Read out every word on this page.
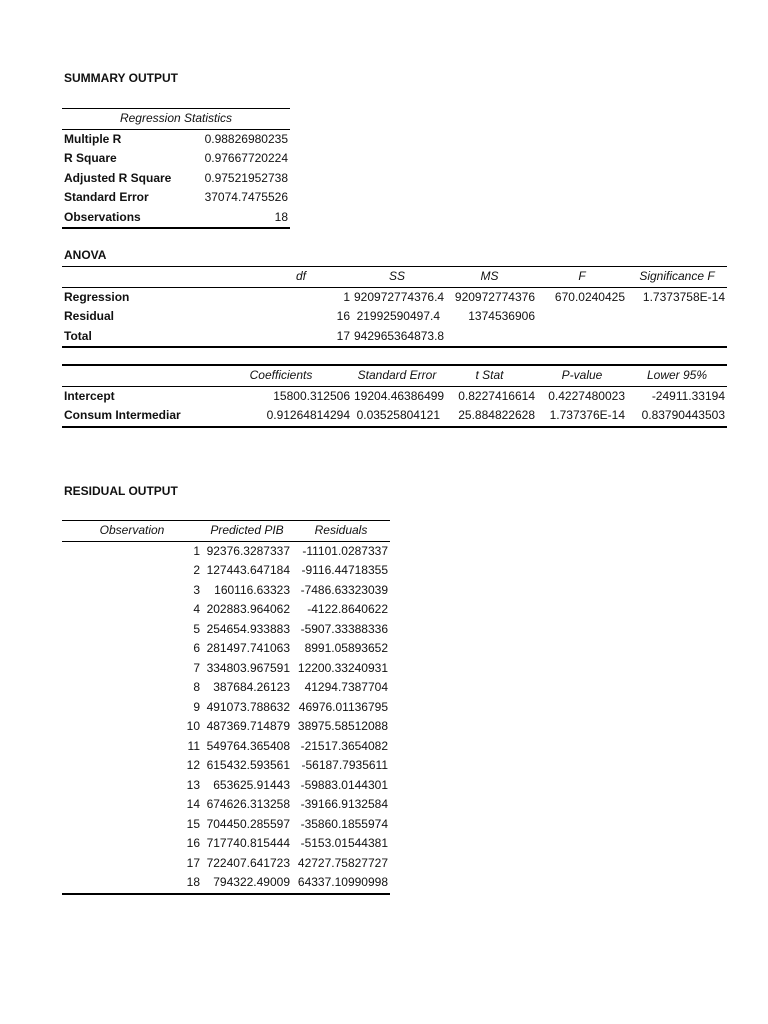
SUMMARY OUTPUT
Regression Statistics	
Multiple R	0.98826980235
R Square	0.97667720224
Adjusted R Square	0.97521952738
Standard Error	37074.7475526
Observations	18
ANOVA
	df	SS	MS	F	Significance F
Regression	1	920972774376.4	920972774376	670.0240425	1.7373758E-14
Residual	16	21992590497.4	1374536906		
Total	17	942965364873.8			
	Coefficients	Standard Error	t Stat	P-value	Lower 95%
Intercept	15800.312506	19204.46386499	0.8227416614	0.4227480023	-24911.33194
Consum Intermediar	0.91264814294	0.03525804121	25.884822628	1.737376E-14	0.83790443503
RESIDUAL OUTPUT
Observation	Predicted PIB	Residuals
1	92376.3287337	-11101.0287337
2	127443.647184	-9116.44718355
3	160116.63323	-7486.63323039
4	202883.964062	-4122.8640622
5	254654.933883	-5907.33388336
6	281497.741063	8991.05893652
7	334803.967591	12200.33240931
8	387684.26123	41294.7387704
9	491073.788632	46976.01136795
10	487369.714879	38975.58512088
11	549764.365408	-21517.3654082
12	615432.593561	-56187.7935611
13	653625.91443	-59883.0144301
14	674626.313258	-39166.9132584
15	704450.285597	-35860.1855974
16	717740.815444	-5153.01544381
17	722407.641723	42727.75827727
18	794322.49009	64337.10990998
